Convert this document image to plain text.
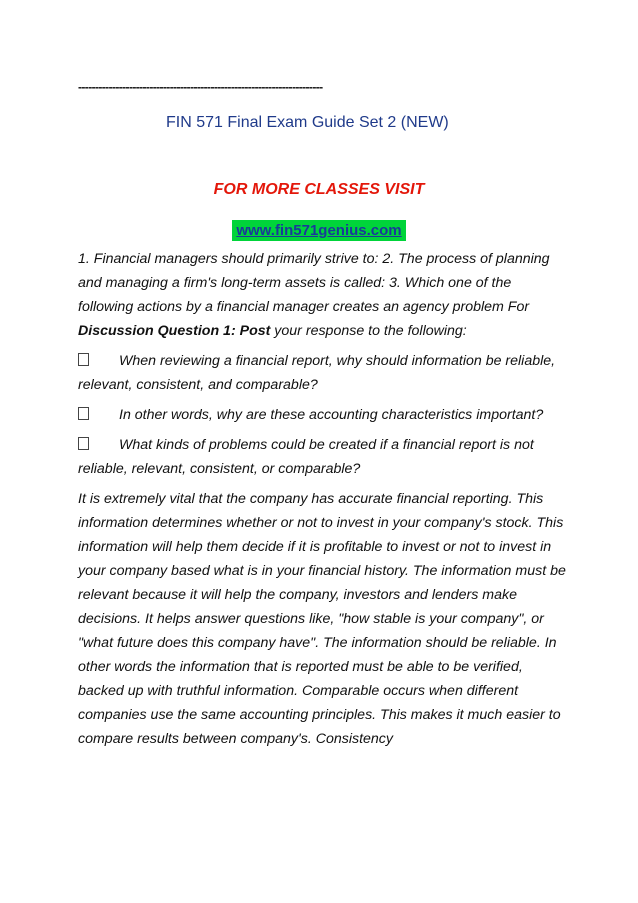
------------------------------------------------------------------------
FIN 571 Final Exam Guide Set 2 (NEW)
FOR MORE CLASSES VISIT
www.fin571genius.com

1. Financial managers should primarily strive to: 2. The process of planning and managing a firm's long-term assets is called: 3. Which one of the following actions by a financial manager creates an agency problem For Discussion Question 1: Post your response to the following:

When reviewing a financial report, why should information be reliable, relevant, consistent, and comparable?

In other words, why are these accounting characteristics important?

What kinds of problems could be created if a financial report is not reliable, relevant, consistent, or comparable?

It is extremely vital that the company has accurate financial reporting. This information determines whether or not to invest in your company's stock. This information will help them decide if it is profitable to invest or not to invest in your company based what is in your financial history. The information must be relevant because it will help the company, investors and lenders make decisions. It helps answer questions like, "how stable is your company", or "what future does this company have". The information should be reliable. In other words the information that is reported must be able to be verified, backed up with truthful information. Comparable occurs when different companies use the same accounting principles. This makes it much easier to compare results between company's. Consistency
